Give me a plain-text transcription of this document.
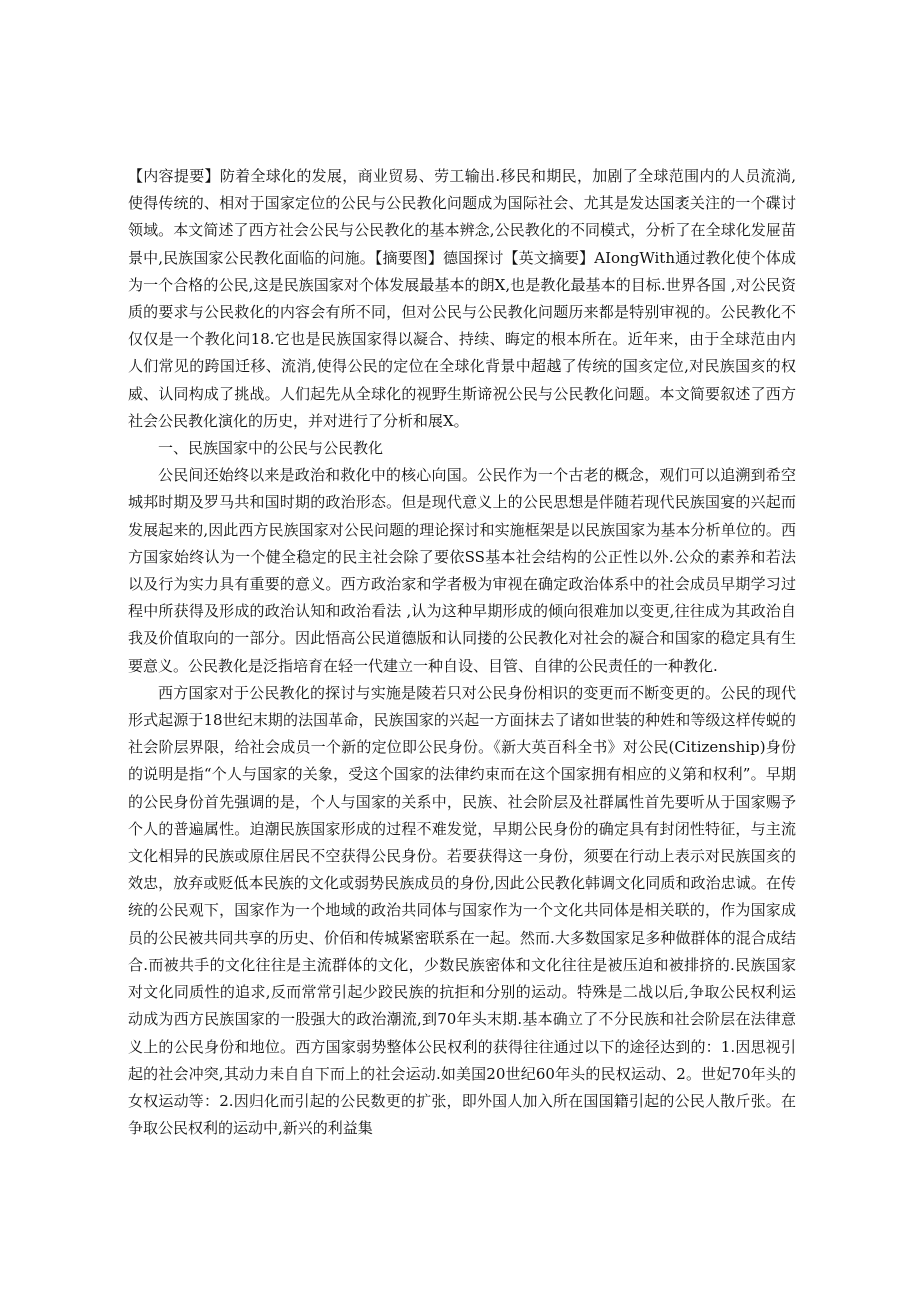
【内容提要】防着全球化的发展，商业贸易、劳工输出.移民和期民，加剧了全球范围内的人员流淌,使得传统的、相对于国家定位的公民与公民教化问题成为国际社会、尤其是发达国袤关注的一个碟讨领域。本文简述了西方社会公民与公民教化的基本辨念,公民教化的不同模式，分析了在全球化发屉苗景中,民族国家公民教化面临的问施。【摘要图】德国探讨【英文摘要】AIongWith通过教化使个体成为一个合格的公民,这是民族国家对个体发展最基本的朗X,也是教化最基本的目标.世界各国 ,对公民资质的要求与公民救化的内容会有所不同，但对公民与公民教化问题历来都是特别审视的。公民教化不仅仅是一个教化问18.它也是民族国家得以凝合、持续、晦定的根本所在。近年来，由于全球范由内人们常见的跨国迁移、流消,使得公民的定位在全球化背景中超越了传统的国亥定位,对民族国亥的权威、认同构成了挑战。人们起先从全球化的视野生斯谛祝公民与公民教化问题。本文简要叙述了西方社会公民教化演化的历史，并对进行了分析和展X。

一、民族国家中的公民与公民教化

公民间还始终以来是政治和救化中的核心向国。公民作为一个古老的概念，观们可以追溯到希空城邦时期及罗马共和国时期的政治形态。但是现代意义上的公民思想是伴随若现代民族国宴的兴起而发展起来的,因此西方民族国家对公民问题的理论探讨和实施框架是以民族国家为基本分析单位的。西方国家始终认为一个健全稳定的民主社会除了要依SS基本社会结构的公正性以外.公众的素养和若法以及行为实力具有重要的意义。西方政治家和学者极为审视在确定政治体系中的社会成员早期学习过程中所获得及形成的政治认知和政治看法 ,认为这种早期形成的倾向很难加以变更,往往成为其政治自我及价值取向的一部分。因此悟高公民道德版和认同搂的公民教化对社会的凝合和国家的稳定具有生要意义。公民教化是泛指培育在轻一代建立一种自设、目管、自律的公民责任的一种教化.

西方国家对于公民教化的探讨与实施是陵若只对公民身份相识的变更而不断变更的。公民的现代形式起源于18世纪末期的法国革命，民族国家的兴起一方面抹去了诸如世装的种姓和等级这样传蜕的社会阶层界限，给社会成员一个新的定位即公民身份。《新大英百科全书》对公民(Citizenship)身份的说明是指“个人与国家的关象，受这个国家的法律约束而在这个国家拥有相应的义第和权利”。早期的公民身份首先强调的是，个人与国家的关系中，民族、社会阶层及社群属性首先要听从于国家赐予个人的普遍属性。迫潮民族国家形成的过程不难发觉，早期公民身份的确定具有封闭性特征，与主流文化相异的民族或原住居民不空获得公民身份。若要获得这一身份，须要在行动上表示对民族国亥的效忠，放弃或贬低本民族的文化或弱势民族成员的身份,因此公民教化韩调文化同质和政治忠诚。在传统的公民观下，国家作为一个地域的政治共同体与国家作为一个文化共同体是相关联的，作为国家成员的公民被共同共享的历史、价佰和传城紧密联系在一起。然而.大多数国家足多种做群体的混合成结合.而被共手的文化往往是主流群体的文化，少数民族密体和文化往往是被压迫和被排挤的.民族国家对文化同质性的追求,反而常常引起少跤民族的抗拒和分别的运动。特殊是二战以后,争取公民权利运动成为西方民族国家的一股强大的政治潮流,到70年头末期.基本确立了不分民族和社会阶层在法律意义上的公民身份和地位。西方国家弱势整体公民权利的获得往往通过以下的途径达到的：1.因思视引起的社会冲突,其动力耒自自下而上的社会运动.如美国20世纪60年头的民权运动、2。世妃70年头的女权运动等：2.因归化而引起的公民数更的扩张，即外国人加入所在国国籍引起的公民人散斤张。在争取公民权利的运动中,新兴的利益集
